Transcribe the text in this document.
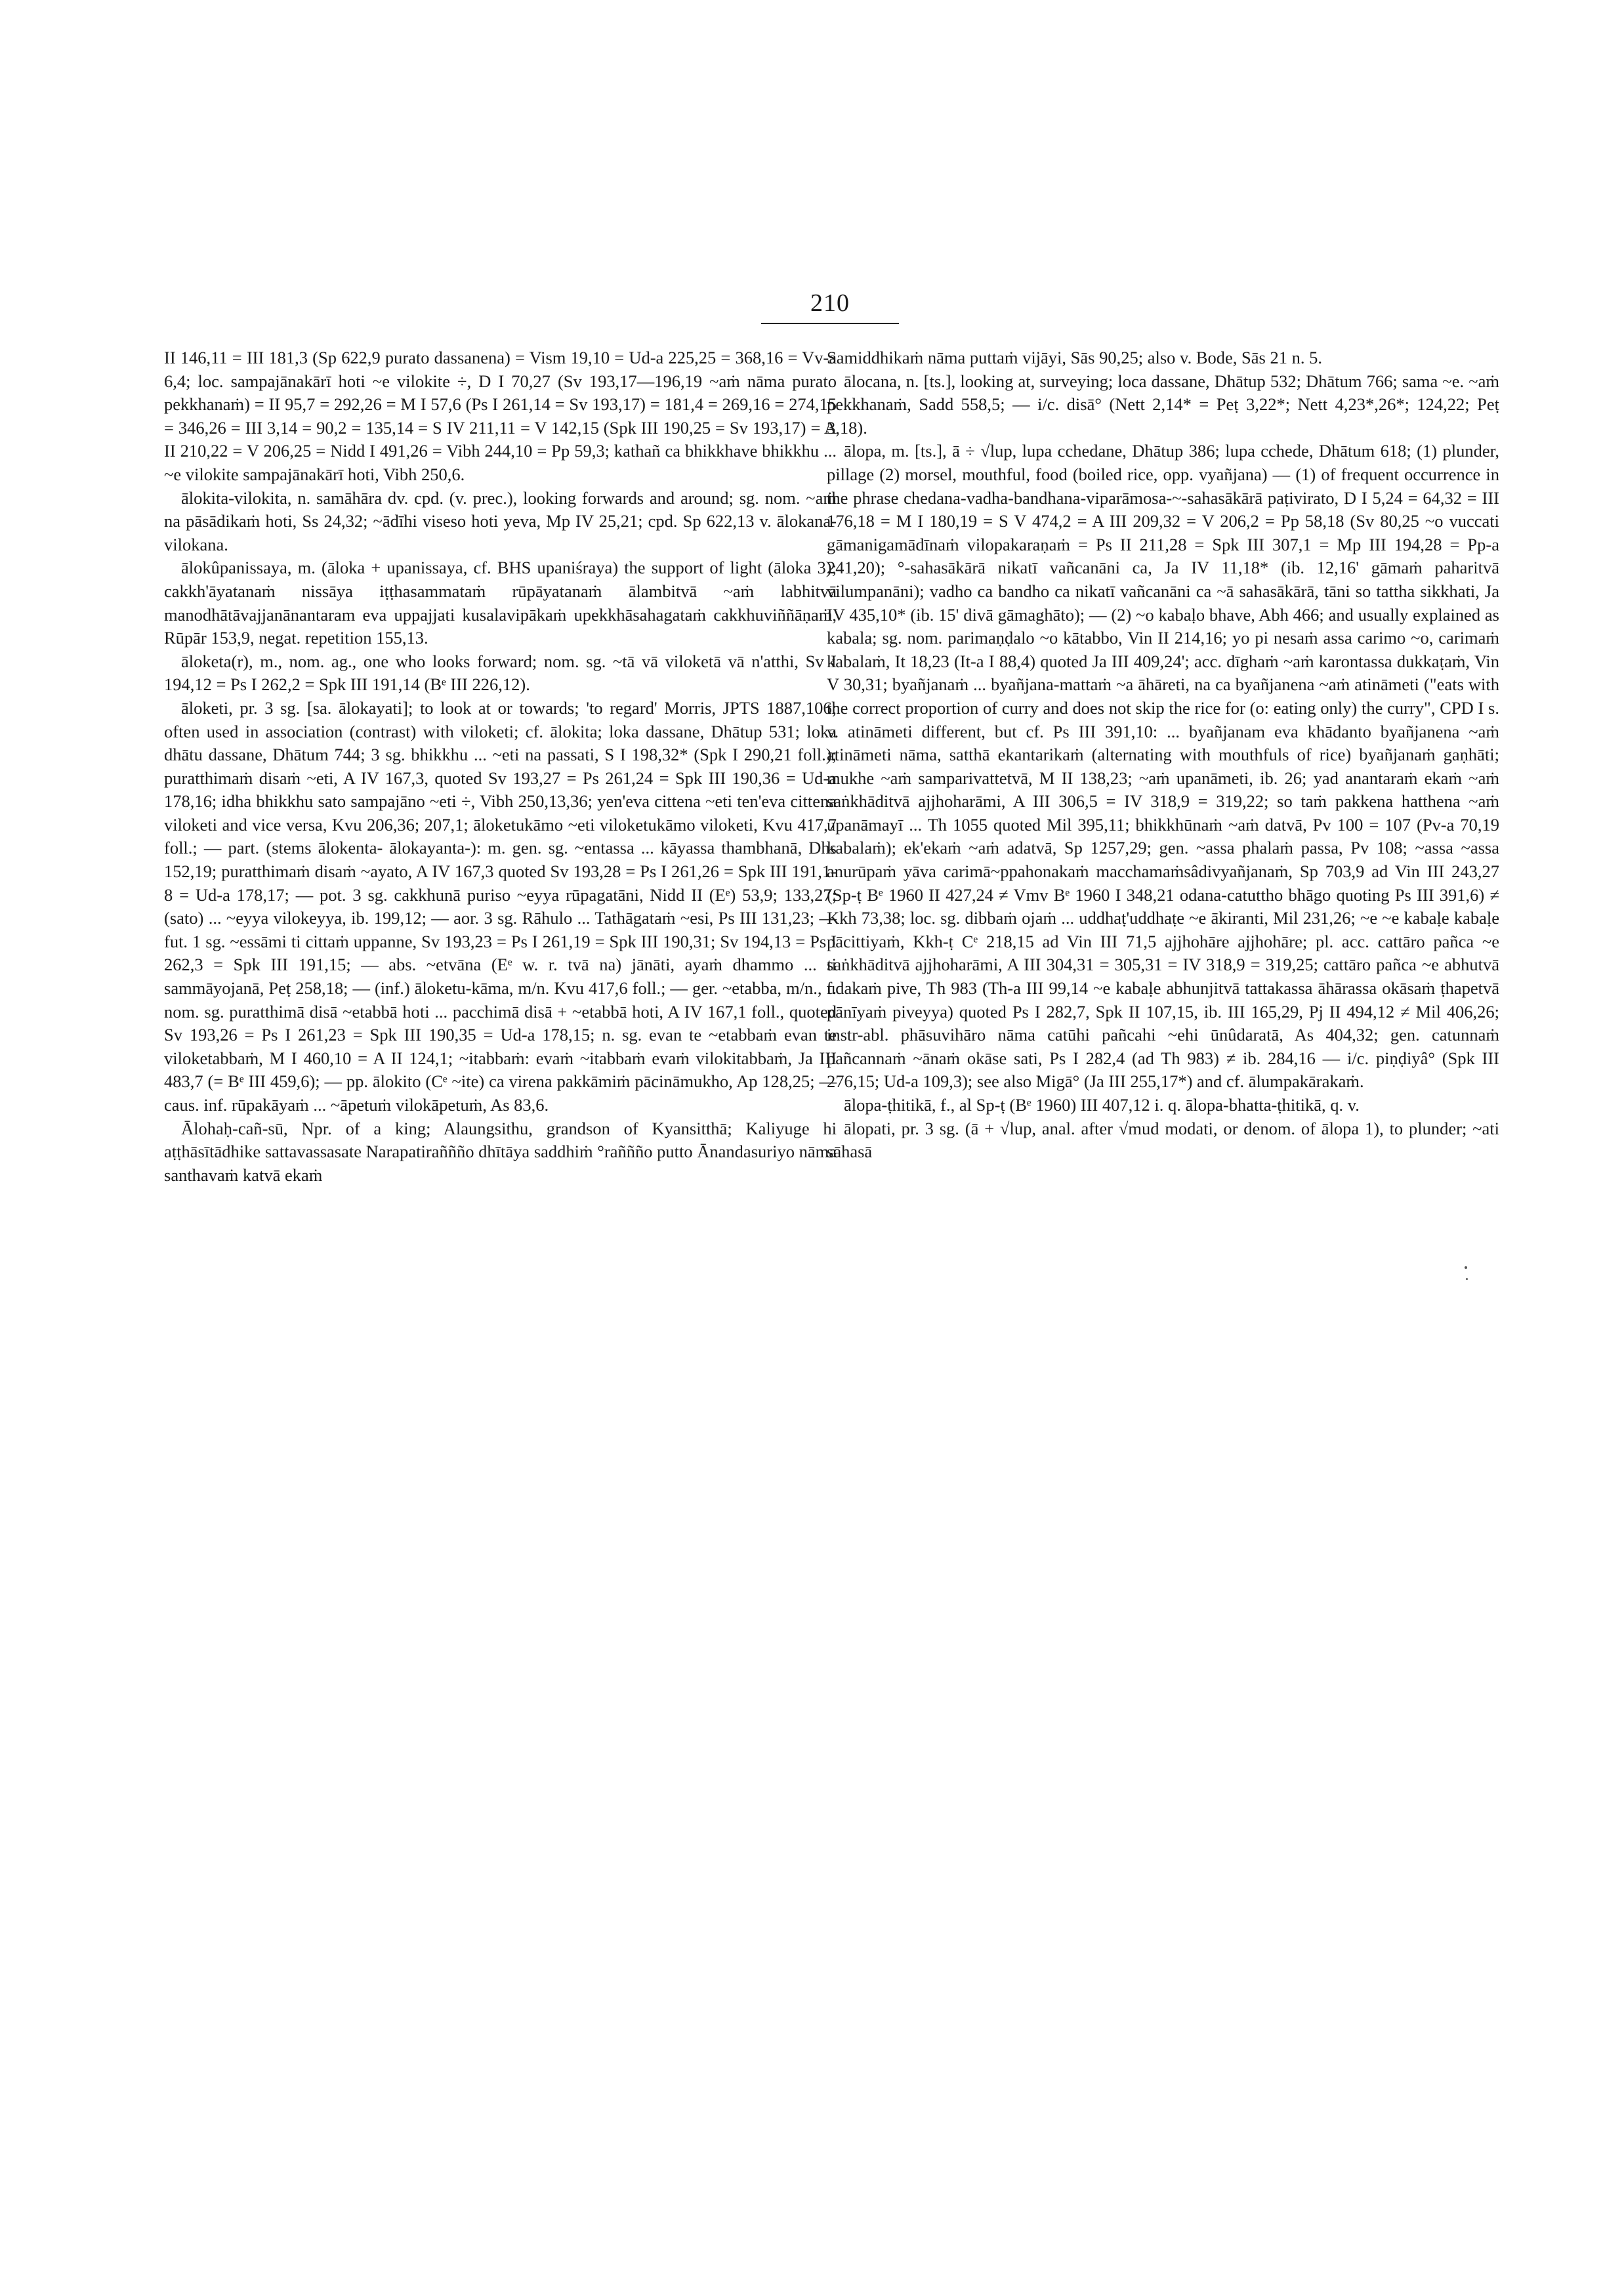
210

II 146,11 = III 181,3 (Sp 622,9 purato dassanena) = Vism 19,10 = Ud-a 225,25 = 368,16 = Vv-a 6,4; loc. sampajānakārī hoti ~e vilokite ÷, D I 70,27 (Sv 193,17—196,19 ~aṁ nāma purato pekkhanaṁ) = II 95,7 = 292,26 = M I 57,6 (Ps I 261,14 = Sv 193,17) = 181,4 = 269,16 = 274,15 = 346,26 = III 3,14 = 90,2 = 135,14 = S IV 211,11 = V 142,15 (Spk III 190,25 = Sv 193,17) = A II 210,22 = V 206,25 = Nidd I 491,26 = Vibh 244,10 = Pp 59,3; kathañ ca bhikkhave bhikkhu ... ~e vilokite sampajānakārī hoti, Vibh 250,6.

ālokita-vilokita, n. samāhāra dv. cpd. (v. prec.), looking forwards and around; sg. nom. ~aṁ na pāsādikaṁ hoti, Ss 24,32; ~ādīhi viseso hoti yeva, Mp IV 25,21; cpd. Sp 622,13 v. ālokana-vilokana.

ālokûpanissaya, m. (āloka + upanissaya, cf. BHS upaniśraya) the support of light (āloka 3); cakkh'āyatanaṁ nissāya iṭṭhasammataṁ rūpāyatanaṁ ālambitvā ~aṁ labhitvā manodhātāvajjanānantaram eva uppajjati kusalavipākaṁ upekkhāsahagataṁ cakkhuviññāṇaṁ, Rūpār 153,9, negat. repetition 155,13.

āloketa(r), m., nom. ag., one who looks forward; nom. sg. ~tā vā viloketā vā n'atthi, Sv I 194,12 = Ps I 262,2 = Spk III 191,14 (Bᵉ III 226,12).

āloketi, pr. 3 sg. [sa. ālokayati]; to look at or towards; 'to regard' Morris, JPTS 1887,106; often used in association (contrast) with viloketi; cf. ālokita; loka dassane, Dhātup 531; loka dhātu dassane, Dhātum 744; 3 sg. bhikkhu ... ~eti na passati, S I 198,32* (Spk I 290,21 foll.); puratthimaṁ disaṁ ~eti, A IV 167,3, quoted Sv 193,27 = Ps 261,24 = Spk III 190,36 = Ud-a 178,16; idha bhikkhu sato sampajāno ~eti ÷, Vibh 250,13,36; yen'eva cittena ~eti ten'eva cittena viloketi and vice versa, Kvu 206,36; 207,1; āloketukāmo ~eti viloketukāmo viloketi, Kvu 417,7 foll.; — part. (stems ālokenta- ālokayanta-): m. gen. sg. ~entassa ... kāyassa thambhanā, Dhs 152,19; puratthimaṁ disaṁ ~ayato, A IV 167,3 quoted Sv 193,28 = Ps I 261,26 = Spk III 191,1-8 = Ud-a 178,17; — pot. 3 sg. cakkhunā puriso ~eyya rūpagatāni, Nidd II (Eᵉ) 53,9; 133,27; (sato) ... ~eyya vilokeyya, ib. 199,12; — aor. 3 sg. Rāhulo ... Tathāgataṁ ~esi, Ps III 131,23; — fut. 1 sg. ~essāmi ti cittaṁ uppanne, Sv 193,23 = Ps I 261,19 = Spk III 190,31; Sv 194,13 = Ps I 262,3 = Spk III 191,15; — abs. ~etvāna (Eᵉ w. r. tvā na) jānāti, ayaṁ dhammo ... ti sammāyojanā, Peṭ 258,18; — (inf.) āloketu-kāma, m/n. Kvu 417,6 foll.; — ger. ~etabba, m/n., f. nom. sg. puratthimā disā ~etabbā hoti ... pacchimā disā + ~etabbā hoti, A IV 167,1 foll., quoted Sv 193,26 = Ps I 261,23 = Spk III 190,35 = Ud-a 178,15; n. sg. evan te ~etabbaṁ evan te viloketabbaṁ, M I 460,10 = A II 124,1; ~itabbaṁ: evaṁ ~itabbaṁ evaṁ vilokitabbaṁ, Ja III 483,7 (= Bᵉ III 459,6); — pp. ālokito (Cᵉ ~ite) ca virena pakkāmiṁ pācināmukho, Ap 128,25; — caus. inf. rūpakāyaṁ ... ~āpetuṁ vilokāpetuṁ, As 83,6.

Ālohaḥ-cañ-sū, Npr. of a king; Alaungsithu, grandson of Kyansitthā; Kaliyuge hi aṭṭhāsītādhike sattavassasate Narapatiraññño dhītāya saddhiṁ °raññño putto Ānandasuriyo nāma santhavaṁ katvā ekaṁ

Samiddhikaṁ nāma puttaṁ vijāyi, Sās 90,25; also v. Bode, Sās 21 n. 5.

ālocana, n. [ts.], looking at, surveying; loca dassane, Dhātup 532; Dhātum 766; sama ~e. ~aṁ pekkhanaṁ, Sadd 558,5; — i/c. disā° (Nett 2,14* = Peṭ 3,22*; Nett 4,23*,26*; 124,22; Peṭ 3,18).

ālopa, m. [ts.], ā ÷ √lup, lupa cchedane, Dhātup 386; lupa cchede, Dhātum 618; (1) plunder, pillage (2) morsel, mouthful, food (boiled rice, opp. vyañjana) — (1) of frequent occurrence in the phrase chedana-vadha-bandhana-viparāmosa-~-sahasākārā paṭivirato, D I 5,24 = 64,32 = III 176,18 = M I 180,19 = S V 474,2 = A III 209,32 = V 206,2 = Pp 58,18 (Sv 80,25 ~o vuccati gāmanigamādīnaṁ vilopakaraṇaṁ = Ps II 211,28 = Spk III 307,1 = Mp III 194,28 = Pp-a 241,20); °-sahasākārā nikatī vañcanāni ca, Ja IV 11,18* (ib. 12,16' gāmaṁ paharitvā vilumpanāni); vadho ca bandho ca nikatī vañcanāni ca ~ā sahasākārā, tāni so tattha sikkhati, Ja IV 435,10* (ib. 15' divā gāmaghāto); — (2) ~o kabaḷo bhave, Abh 466; and usually explained as kabala; sg. nom. parimaṇḍalo ~o kātabbo, Vin II 214,16; yo pi nesaṁ assa carimo ~o, carimaṁ kabalaṁ, It 18,23 (It-a I 88,4) quoted Ja III 409,24'; acc. dīghaṁ ~aṁ karontassa dukkaṭaṁ, Vin V 30,31; byañjanaṁ ... byañjana-mattaṁ ~a āhāreti, na ca byañjanena ~aṁ atināmeti ("eats with the correct proportion of curry and does not skip the rice for (o: eating only) the curry", CPD I s. v. atināmeti different, but cf. Ps III 391,10: ... byañjanam eva khādanto byañjanena ~aṁ atināmeti nāma, satthā ekantarikaṁ (alternating with mouthfuls of rice) byañjanaṁ gaṇhāti; mukhe ~aṁ samparivattetvā, M II 138,23; ~aṁ upanāmeti, ib. 26; yad anantaraṁ ekaṁ ~aṁ saṅkhāditvā ajjhoharāmi, A III 306,5 = IV 318,9 = 319,22; so taṁ pakkena hatthena ~aṁ upanāmayī ... Th 1055 quoted Mil 395,11; bhikkhūnaṁ ~aṁ datvā, Pv 100 = 107 (Pv-a 70,19 kabalaṁ); ek'ekaṁ ~aṁ adatvā, Sp 1257,29; gen. ~assa phalaṁ passa, Pv 108; ~assa ~assa anurūpaṁ yāva carimā~ppahonakaṁ macchamaṁsâdivyañjanaṁ, Sp 703,9 ad Vin III 243,27 (Sp-ṭ Bᵉ 1960 II 427,24 ≠ Vmv Bᵉ 1960 I 348,21 odana-catuttho bhāgo quoting Ps III 391,6) ≠ Kkh 73,38; loc. sg. dibbaṁ ojaṁ ... uddhaṭ'uddhaṭe ~e ākiranti, Mil 231,26; ~e ~e kabaḷe kabaḷe pācittiyaṁ, Kkh-ṭ Cᵉ 218,15 ad Vin III 71,5 ajjhohāre ajjhohāre; pl. acc. cattāro pañca ~e saṅkhāditvā ajjhoharāmi, A III 304,31 = 305,31 = IV 318,9 = 319,25; cattāro pañca ~e abhutvā udakaṁ pive, Th 983 (Th-a III 99,14 ~e kabaḷe abhunjitvā tattakassa āhārassa okāsaṁ ṭhapetvā pānīyaṁ piveyya) quoted Ps I 282,7, Spk II 107,15, ib. III 165,29, Pj II 494,12 ≠ Mil 406,26; instr-abl. phāsuvihāro nāma catūhi pañcahi ~ehi ūnûdaratā, As 404,32; gen. catunnaṁ pañcannaṁ ~ānaṁ okāse sati, Ps I 282,4 (ad Th 983) ≠ ib. 284,16 — i/c. piṇḍiyâ° (Spk III 276,15; Ud-a 109,3); see also Migā° (Ja III 255,17*) and cf. ālumpakārakaṁ.

ālopa-ṭhitikā, f., al Sp-ṭ (Bᵉ 1960) III 407,12 i. q. ālopa-bhatta-ṭhitikā, q. v.

ālopati, pr. 3 sg. (ā + √lup, anal. after √mud modati, or denom. of ālopa 1), to plunder; ~ati sāhasā
